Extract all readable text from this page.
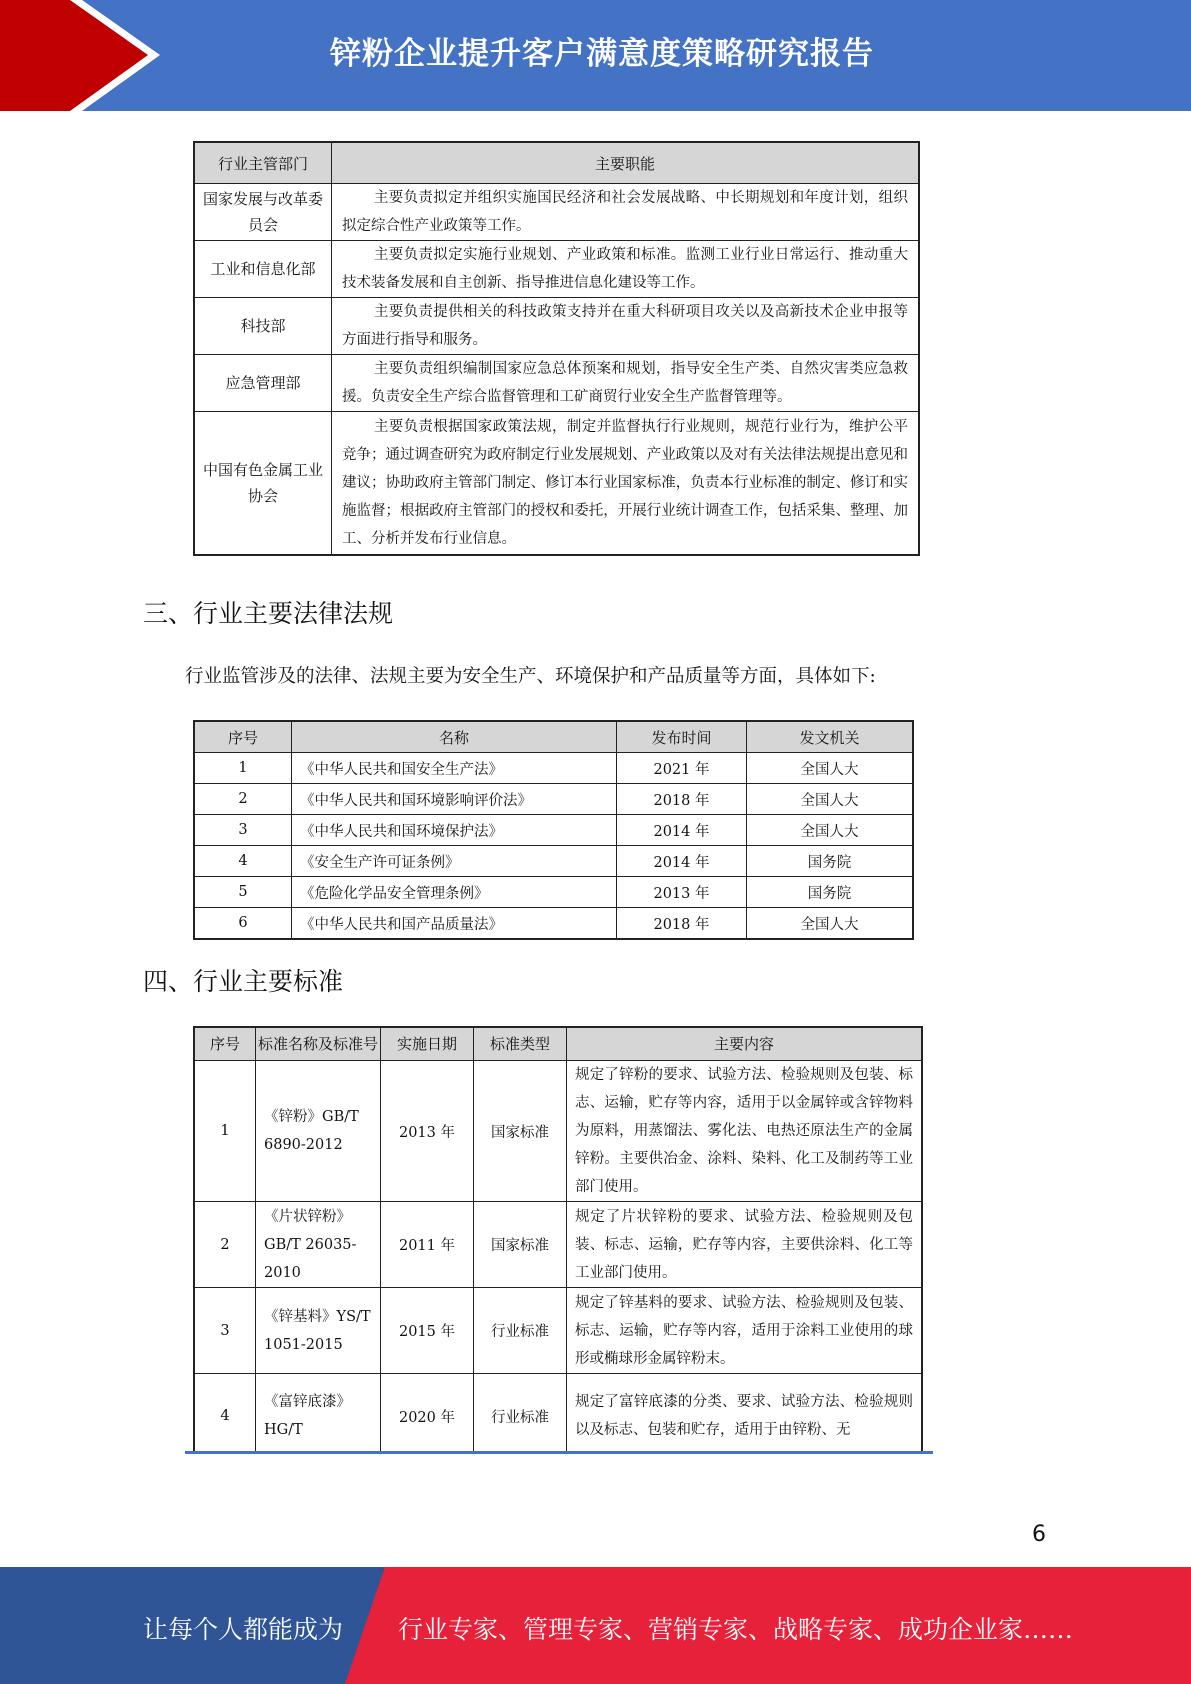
锌粉企业提升客户满意度策略研究报告
行业主管部门	主要职能
国家发展与改革委员会	主要负责拟定并组织实施国民经济和社会发展战略、中长期规划和年度计划，组织拟定综合性产业政策等工作。
工业和信息化部	主要负责拟定实施行业规划、产业政策和标准。监测工业行业日常运行、推动重大技术装备发展和自主创新、指导推进信息化建设等工作。
科技部	主要负责提供相关的科技政策支持并在重大科研项目攻关以及高新技术企业申报等方面进行指导和服务。
应急管理部	主要负责组织编制国家应急总体预案和规划，指导安全生产类、自然灾害类应急救援。负责安全生产综合监督管理和工矿商贸行业安全生产监督管理等。
中国有色金属工业协会	主要负责根据国家政策法规，制定并监督执行行业规则，规范行业行为，维护公平竞争；通过调查研究为政府制定行业发展规划、产业政策以及对有关法律法规提出意见和建议；协助政府主管部门制定、修订本行业国家标准，负责本行业标准的制定、修订和实施监督；根据政府主管部门的授权和委托，开展行业统计调查工作，包括采集、整理、加工、分析并发布行业信息。
三、行业主要法律法规
行业监管涉及的法律、法规主要为安全生产、环境保护和产品质量等方面，具体如下:
序号	名称	发布时间	发文机关
1	《中华人民共和国安全生产法》	2021 年	全国人大
2	《中华人民共和国环境影响评价法》	2018 年	全国人大
3	《中华人民共和国环境保护法》	2014 年	全国人大
4	《安全生产许可证条例》	2014 年	国务院
5	《危险化学品安全管理条例》	2013 年	国务院
6	《中华人民共和国产品质量法》	2018 年	全国人大
四、行业主要标准
序号	标准名称及标准号	实施日期	标准类型	主要内容
1	《锌粉》GB/T 6890-2012	2013 年	国家标准	规定了锌粉的要求、试验方法、检验规则及包装、标志、运输，贮存等内容，适用于以金属锌或含锌物料为原料，用蒸馏法、雾化法、电热还原法生产的金属锌粉。主要供冶金、涂料、染料、化工及制药等工业部门使用。
2	《片状锌粉》GB/T 26035-2010	2011 年	国家标准	规定了片状锌粉的要求、试验方法、检验规则及包装、标志、运输，贮存等内容，主要供涂料、化工等工业部门使用。
3	《锌基料》YS/T 1051-2015	2015 年	行业标准	规定了锌基料的要求、试验方法、检验规则及包装、标志、运输，贮存等内容，适用于涂料工业使用的球形或椭球形金属锌粉末。
4	《富锌底漆》HG/T	2020 年	行业标准	规定了富锌底漆的分类、要求、试验方法、检验规则以及标志、包装和贮存，适用于由锌粉、无
6
让每个人都能成为 行业专家、管理专家、营销专家、战略专家、成功企业家……
